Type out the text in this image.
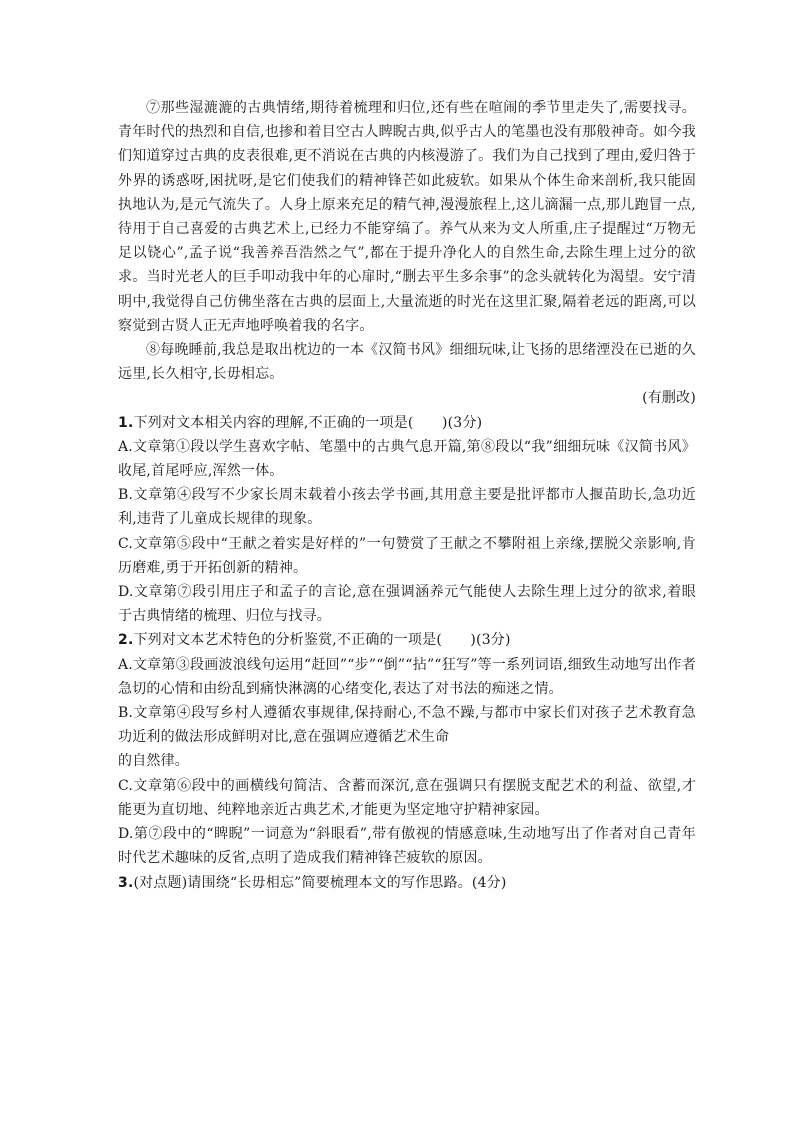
⑦那些湿漉漉的古典情绪,期待着梳理和归位,还有些在喧闹的季节里走失了,需要找寻。青年时代的热烈和自信,也掺和着目空古人睥睨古典,似乎古人的笔墨也没有那般神奇。如今我们知道穿过古典的皮表很难,更不消说在古典的内核漫游了。我们为自己找到了理由,爱归咎于外界的诱惑呀,困扰呀,是它们使我们的精神锋芒如此疲软。如果从个体生命来剖析,我只能固执地认为,是元气流失了。人身上原来充足的精气神,漫漫旅程上,这儿滴漏一点,那儿跑冒一点,待用于自己喜爱的古典艺术上,已经力不能穿缟了。养气从来为文人所重,庄子提醒过“万物无足以铙心”,孟子说“我善养吾浩然之气”,都在于提升净化人的自然生命,去除生理上过分的欲求。当时光老人的巨手叩动我中年的心扉时,“删去平生多余事”的念头就转化为渴望。安宁清明中,我觉得自己仿佛坐落在古典的层面上,大量流逝的时光在这里汇聚,隔着老远的距离,可以察觉到古贤人正无声地呼唤着我的名字。

⑧每晚睡前,我总是取出枕边的一本《汉简书风》细细玩味,让飞扬的思绪湮没在已逝的久远里,长久相守,长毋相忘。

(有删改)

1.下列对文本相关内容的理解,不正确的一项是(　　)(3分)

A.文章第①段以学生喜欢字帖、笔墨中的古典气息开篇,第⑧段以“我”细细玩味《汉简书风》收尾,首尾呼应,浑然一体。

B.文章第④段写不少家长周末载着小孩去学书画,其用意主要是批评都市人揠苗助长,急功近利,违背了儿童成长规律的现象。

C.文章第⑤段中“王献之着实是好样的”一句赞赏了王献之不攀附祖上亲缘,摆脱父亲影响,肯历磨难,勇于开拓创新的精神。

D.文章第⑦段引用庄子和孟子的言论,意在强调涵养元气能使人去除生理上过分的欲求,着眼于古典情绪的梳理、归位与找寻。

2.下列对文本艺术特色的分析鉴赏,不正确的一项是(　　)(3分)

A.文章第③段画波浪线句运用“赶回”“步”“倒”“拈”“狂写”等一系列词语,细致生动地写出作者急切的心情和由纷乱到痛快淋漓的心绪变化,表达了对书法的痴迷之情。

B.文章第④段写乡村人遵循农事规律,保持耐心,不急不躁,与都市中家长们对孩子艺术教育急功近利的做法形成鲜明对比,意在强调应遵循艺术生命

的自然律。

C.文章第⑥段中的画横线句简洁、含蓄而深沉,意在强调只有摆脱支配艺术的利益、欲望,才能更为直切地、纯粹地亲近古典艺术,才能更为坚定地守护精神家园。

D.第⑦段中的“睥睨”一词意为“斜眼看”,带有傲视的情感意味,生动地写出了作者对自己青年时代艺术趣味的反省,点明了造成我们精神锋芒疲软的原因。

3.(对点题)请围绕“长毋相忘”简要梳理本文的写作思路。(4分)
